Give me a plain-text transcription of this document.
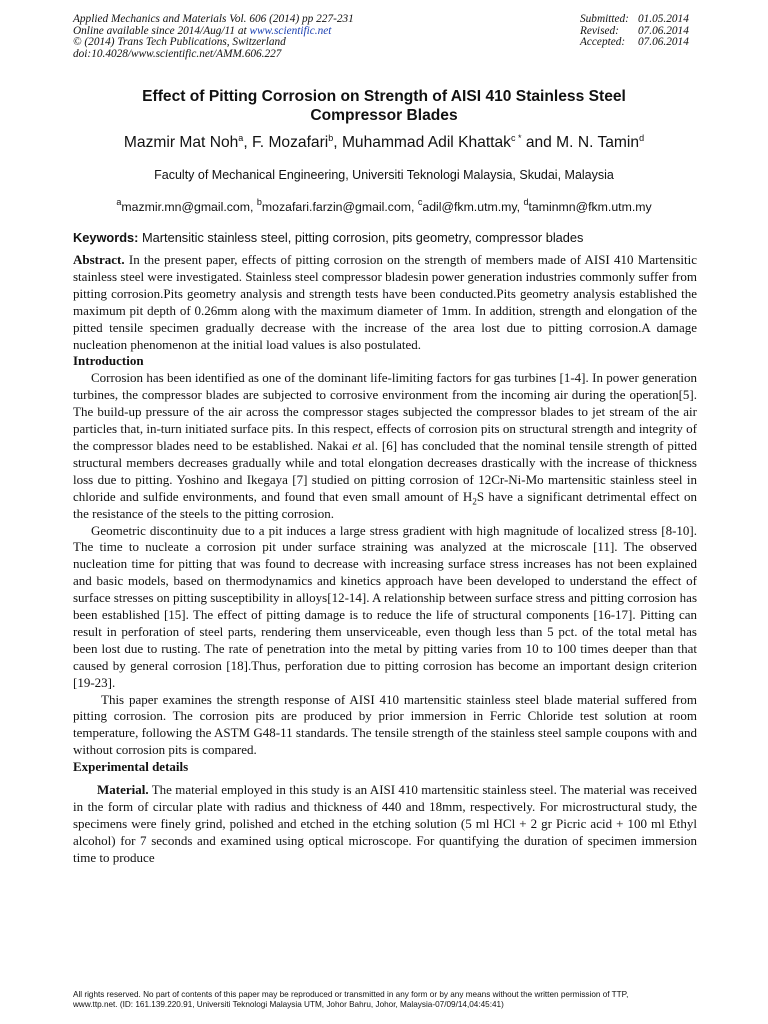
Applied Mechanics and Materials Vol. 606 (2014) pp 227-231
Online available since 2014/Aug/11 at www.scientific.net
© (2014) Trans Tech Publications, Switzerland
doi:10.4028/www.scientific.net/AMM.606.227
Submitted: 01.05.2014
Revised:	07.06.2014
Accepted:	07.06.2014
Effect of Pitting Corrosion on Strength of AISI 410 Stainless Steel
Compressor Blades
Mazmir Mat Noh$^a$, F. Mozafari$^b$, Muhammad Adil Khattak$^{c *}$ and M. N. Tamin$^d$
Faculty of Mechanical Engineering, Universiti Teknologi Malaysia, Skudai, Malaysia
$^a$mazmir.mn@gmail.com, $^b$mozafari.farzin@gmail.com, $^c$adil@fkm.utm.my, $^d$taminmn@fkm.utm.my
Keywords: Martensitic stainless steel, pitting corrosion, pits geometry, compressor blades

Abstract. In the present paper, effects of pitting corrosion on the strength of members made of AISI 410 Martensitic stainless steel were investigated. Stainless steel compressor bladesin power generation industries commonly suffer from pitting corrosion.Pits geometry analysis and strength tests have been conducted.Pits geometry analysis established the maximum pit depth of 0.26mm along with the maximum diameter of 1mm. In addition, strength and elongation of the pitted tensile specimen gradually decrease with the increase of the area lost due to pitting corrosion.A damage nucleation phenomenon at the initial load values is also postulated.

Introduction

Corrosion has been identified as one of the dominant life-limiting factors for gas turbines [1-4]. In power generation turbines, the compressor blades are subjected to corrosive environment from the incoming air during the operation[5]. The build-up pressure of the air across the compressor stages subjected the compressor blades to jet stream of the air particles that, in-turn initiated surface pits. In this respect, effects of corrosion pits on structural strength and integrity of the compressor blades need to be established. Nakai et al. [6] has concluded that the nominal tensile strength of pitted structural members decreases gradually while and total elongation decreases drastically with the increase of thickness loss due to pitting. Yoshino and Ikegaya [7] studied on pitting corrosion of 12Cr-Ni-Mo martensitic stainless steel in chloride and sulfide environments, and found that even small amount of $H_2S$ have a significant detrimental effect on the resistance of the steels to the pitting corrosion.

Geometric discontinuity due to a pit induces a large stress gradient with high magnitude of localized stress [8-10]. The time to nucleate a corrosion pit under surface straining was analyzed at the microscale [11]. The observed nucleation time for pitting that was found to decrease with increasing surface stress increases has not been explained and basic models, based on thermodynamics and kinetics approach have been developed to understand the effect of surface stresses on pitting susceptibility in alloys[12-14]. A relationship between surface stress and pitting corrosion has been established [15]. The effect of pitting damage is to reduce the life of structural components [16-17]. Pitting can result in perforation of steel parts, rendering them unserviceable, even though less than 5 pct. of the total metal has been lost due to rusting. The rate of penetration into the metal by pitting varies from 10 to 100 times deeper than that caused by general corrosion [18].Thus, perforation due to pitting corrosion has become an important design criterion [19-23].

This paper examines the strength response of AISI 410 martensitic stainless steel blade material suffered from pitting corrosion. The corrosion pits are produced by prior immersion in Ferric Chloride test solution at room temperature, following the ASTM G48-11 standards. The tensile strength of the stainless steel sample coupons with and without corrosion pits is compared.

Experimental details

Material. The material employed in this study is an AISI 410 martensitic stainless steel. The material was received in the form of circular plate with radius and thickness of 440 and 18mm, respectively. For microstructural study, the specimens were finely grind, polished and etched in the etching solution (5 ml HCl + 2 gr Picric acid + 100 ml Ethyl alcohol) for 7 seconds and examined using optical microscope. For quantifying the duration of specimen immersion time to produce

All rights reserved. No part of contents of this paper may be reproduced or transmitted in any form or by any means without the written permission of TTP,
www.ttp.net. (ID: 161.139.220.91, Universiti Teknologi Malaysia UTM, Johor Bahru, Johor, Malaysia-07/09/14,04:45:41)
